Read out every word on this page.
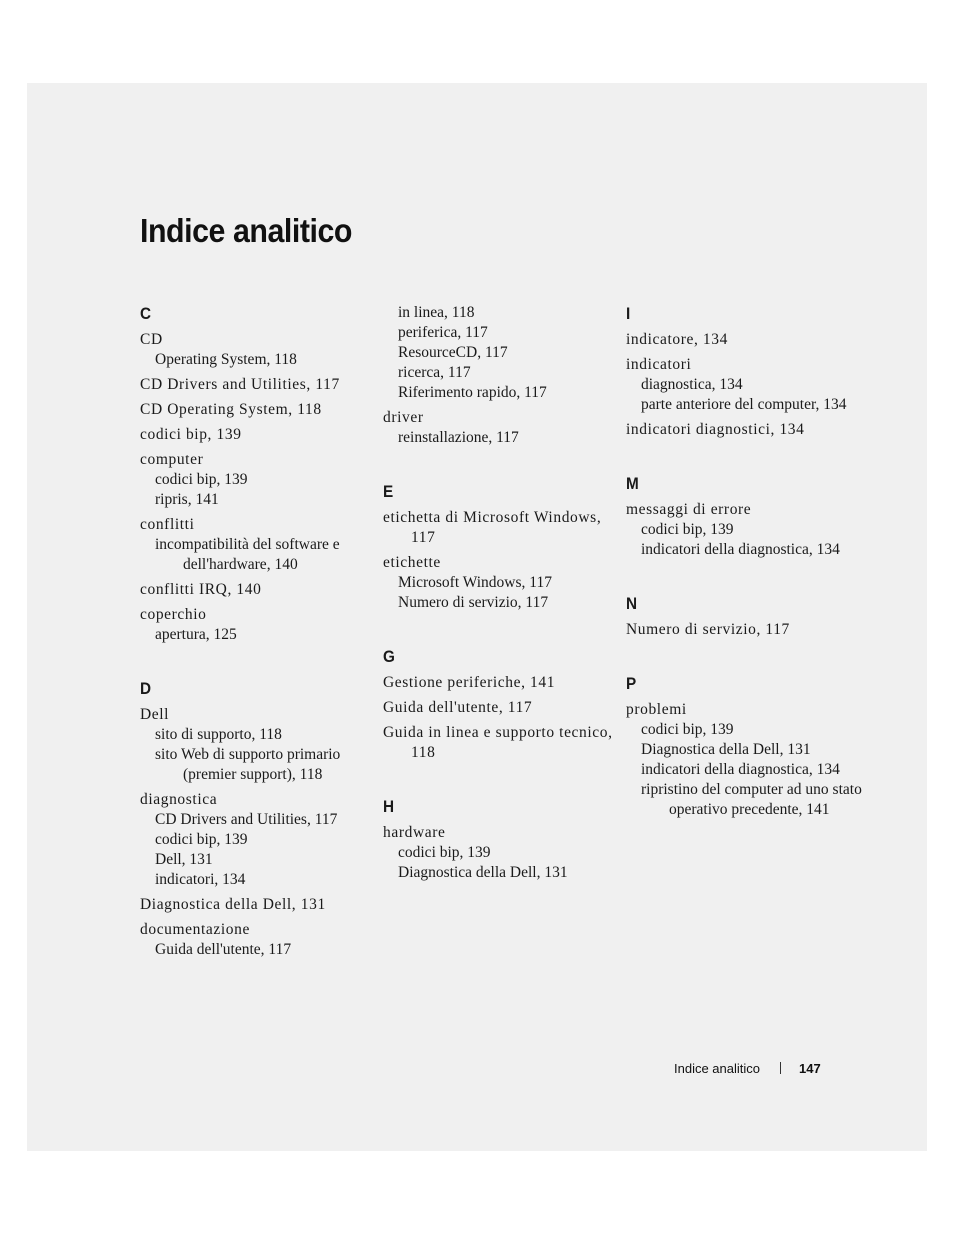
Indice analitico
C
CD
Operating System, 118
CD Drivers and Utilities, 117
CD Operating System, 118
codici bip, 139
computer
codici bip, 139
ripris, 141
conflitti
incompatibilità del software e dell'hardware, 140
conflitti IRQ, 140
coperchio
apertura, 125
D
Dell
sito di supporto, 118
sito Web di supporto primario (premier support), 118
diagnostica
CD Drivers and Utilities, 117
codici bip, 139
Dell, 131
indicatori, 134
Diagnostica della Dell, 131
documentazione
Guida dell'utente, 117
in linea, 118
periferica, 117
ResourceCD, 117
ricerca, 117
Riferimento rapido, 117
driver
reinstallazione, 117
E
etichetta di Microsoft Windows, 117
etichette
Microsoft Windows, 117
Numero di servizio, 117
G
Gestione periferiche, 141
Guida dell'utente, 117
Guida in linea e supporto tecnico, 118
H
hardware
codici bip, 139
Diagnostica della Dell, 131
I
indicatore, 134
indicatori
diagnostica, 134
parte anteriore del computer, 134
indicatori diagnostici, 134
M
messaggi di errore
codici bip, 139
indicatori della diagnostica, 134
N
Numero di servizio, 117
P
problemi
codici bip, 139
Diagnostica della Dell, 131
indicatori della diagnostica, 134
ripristino del computer ad uno stato operativo precedente, 141
Indice analitico	147
